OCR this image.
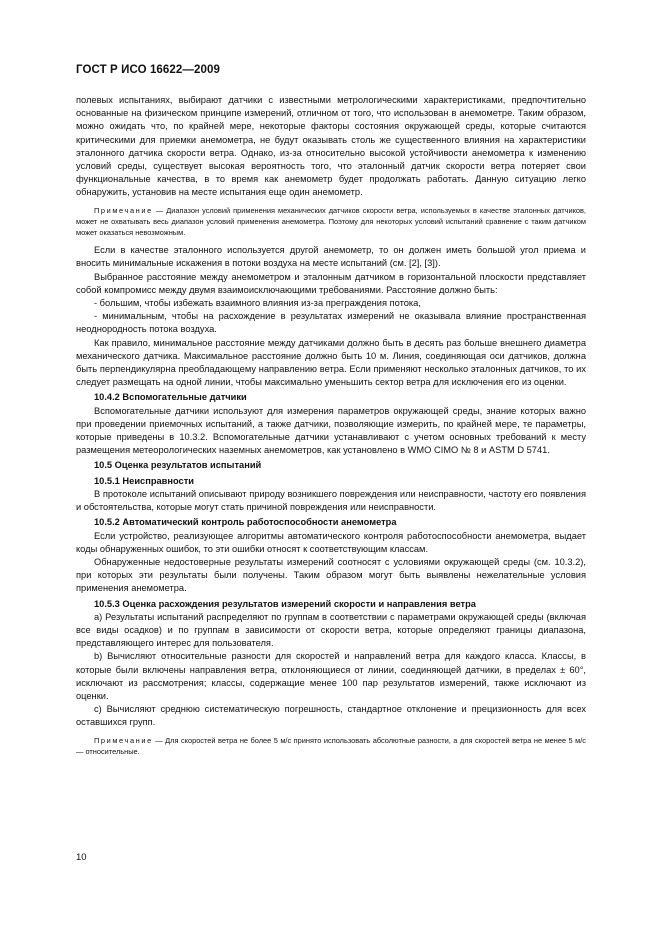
ГОСТ Р ИСО 16622—2009

полевых испытаниях, выбирают датчики с известными метрологическими характеристиками, предпочтительно основанные на физическом принципе измерений, отличном от того, что использован в анемометре. Таким образом, можно ожидать что, по крайней мере, некоторые факторы состояния окружающей среды, которые считаются критическими для приемки анемометра, не будут оказывать столь же существенного влияния на характеристики эталонного датчика скорости ветра. Однако, из-за относительно высокой устойчивости анемометра к изменению условий среды, существует высокая вероятность того, что эталонный датчик скорости ветра потеряет свои функциональные качества, в то время как анемометр будет продолжать работать. Данную ситуацию легко обнаружить, установив на месте испытания еще один анемометр.

Примечание — Диапазон условий применения механических датчиков скорости ветра, используемых в качестве эталонных датчиков, может не охватывать весь диапазон условий применения анемометра. Поэтому для некоторых условий испытаний сравнение с таким датчиком может оказаться невозможным.

Если в качестве эталонного используется другой анемометр, то он должен иметь большой угол приема и вносить минимальные искажения в потоки воздуха на месте испытаний (см. [2], [3]).

Выбранное расстояние между анемометром и эталонным датчиком в горизонтальной плоскости представляет собой компромисс между двумя взаимоисключающими требованиями. Расстояние должно быть:

- большим, чтобы избежать взаимного влияния из-за преграждения потока,

- минимальным, чтобы на расхождение в результатах измерений не оказывала влияние пространственная неоднородность потока воздуха.

Как правило, минимальное расстояние между датчиками должно быть в десять раз больше внешнего диаметра механического датчика. Максимальное расстояние должно быть 10 м. Линия, соединяющая оси датчиков, должна быть перпендикулярна преобладающему направлению ветра. Если применяют несколько эталонных датчиков, то их следует размещать на одной линии, чтобы максимально уменьшить сектор ветра для исключения его из оценки.

10.4.2 Вспомогательные датчики

Вспомогательные датчики используют для измерения параметров окружающей среды, знание которых важно при проведении приемочных испытаний, а также датчики, позволяющие измерить, по крайней мере, те параметры, которые приведены в 10.3.2. Вспомогательные датчики устанавливают с учетом основных требований к месту размещения метеорологических наземных анемометров, как установлено в WMO CIMO № 8 и ASTM D 5741.

10.5 Оценка результатов испытаний

10.5.1 Неисправности

В протоколе испытаний описывают природу возникшего повреждения или неисправности, частоту его появления и обстоятельства, которые могут стать причиной повреждения или неисправности.

10.5.2 Автоматический контроль работоспособности анемометра

Если устройство, реализующее алгоритмы автоматического контроля работоспособности анемометра, выдает коды обнаруженных ошибок, то эти ошибки относят к соответствующим классам.

Обнаруженные недостоверные результаты измерений соотносят с условиями окружающей среды (см. 10.3.2), при которых эти результаты были получены. Таким образом могут быть выявлены нежелательные условия применения анемометра.

10.5.3 Оценка расхождения результатов измерений скорости и направления ветра

а) Результаты испытаний распределяют по группам в соответствии с параметрами окружающей среды (включая все виды осадков) и по группам в зависимости от скорости ветра, которые определяют границы диапазона, представляющего интерес для пользователя.

b) Вычисляют относительные разности для скоростей и направлений ветра для каждого класса. Классы, в которые были включены направления ветра, отклоняющиеся от линии, соединяющей датчики, в пределах ± 60°, исключают из рассмотрения; классы, содержащие менее 100 пар результатов измерений, также исключают из оценки.

с) Вычисляют среднюю систематическую погрешность, стандартное отклонение и прецизионность для всех оставшихся групп.

Примечание — Для скоростей ветра не более 5 м/с принято использовать абсолютные разности, а для скоростей ветра не менее 5 м/с — относительные.

10
